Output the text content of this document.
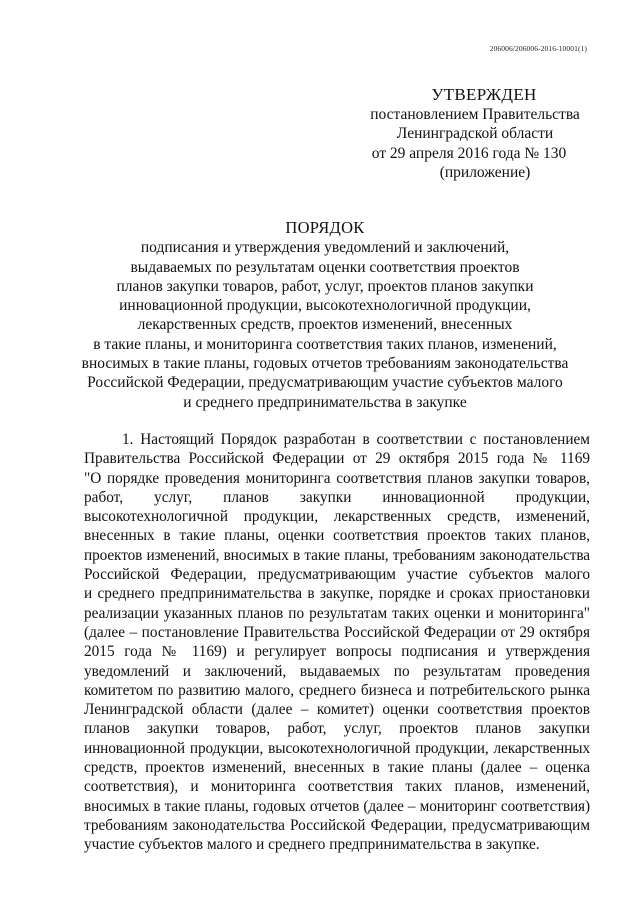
206006/206006-2016-10001(1)
УТВЕРЖДЕН
постановлением Правительства
Ленинградской области
от 29 апреля 2016 года № 130
(приложение)
ПОРЯДОК
подписания и утверждения уведомлений и заключений,
выдаваемых по результатам оценки соответствия проектов
планов закупки товаров, работ, услуг, проектов планов закупки
инновационной продукции, высокотехнологичной продукции,
лекарственных средств, проектов изменений, внесенных
в такие планы, и мониторинга соответствия таких планов, изменений,
вносимых в такие планы, годовых отчетов требованиям законодательства
Российской Федерации, предусматривающим участие субъектов малого
и среднего предпринимательства в закупке
1. Настоящий Порядок разработан в соответствии с постановлением
Правительства Российской Федерации от 29 октября 2015 года № 1169
"О порядке проведения мониторинга соответствия планов закупки товаров,
работ, услуг, планов закупки инновационной продукции,
высокотехнологичной продукции, лекарственных средств, изменений,
внесенных в такие планы, оценки соответствия проектов таких планов,
проектов изменений, вносимых в такие планы, требованиям законодательства
Российской Федерации, предусматривающим участие субъектов малого
и среднего предпринимательства в закупке, порядке и сроках приостановки
реализации указанных планов по результатам таких оценки и мониторинга"
(далее – постановление Правительства Российской Федерации от 29 октября
2015 года № 1169) и регулирует вопросы подписания и утверждения
уведомлений и заключений, выдаваемых по результатам проведения
комитетом по развитию малого, среднего бизнеса и потребительского рынка
Ленинградской области (далее – комитет) оценки соответствия проектов
планов закупки товаров, работ, услуг, проектов планов закупки
инновационной продукции, высокотехнологичной продукции, лекарственных
средств, проектов изменений, внесенных в такие планы (далее – оценка
соответствия), и мониторинга соответствия таких планов, изменений,
вносимых в такие планы, годовых отчетов (далее – мониторинг соответствия)
требованиям законодательства Российской Федерации, предусматривающим
участие субъектов малого и среднего предпринимательства в закупке.
